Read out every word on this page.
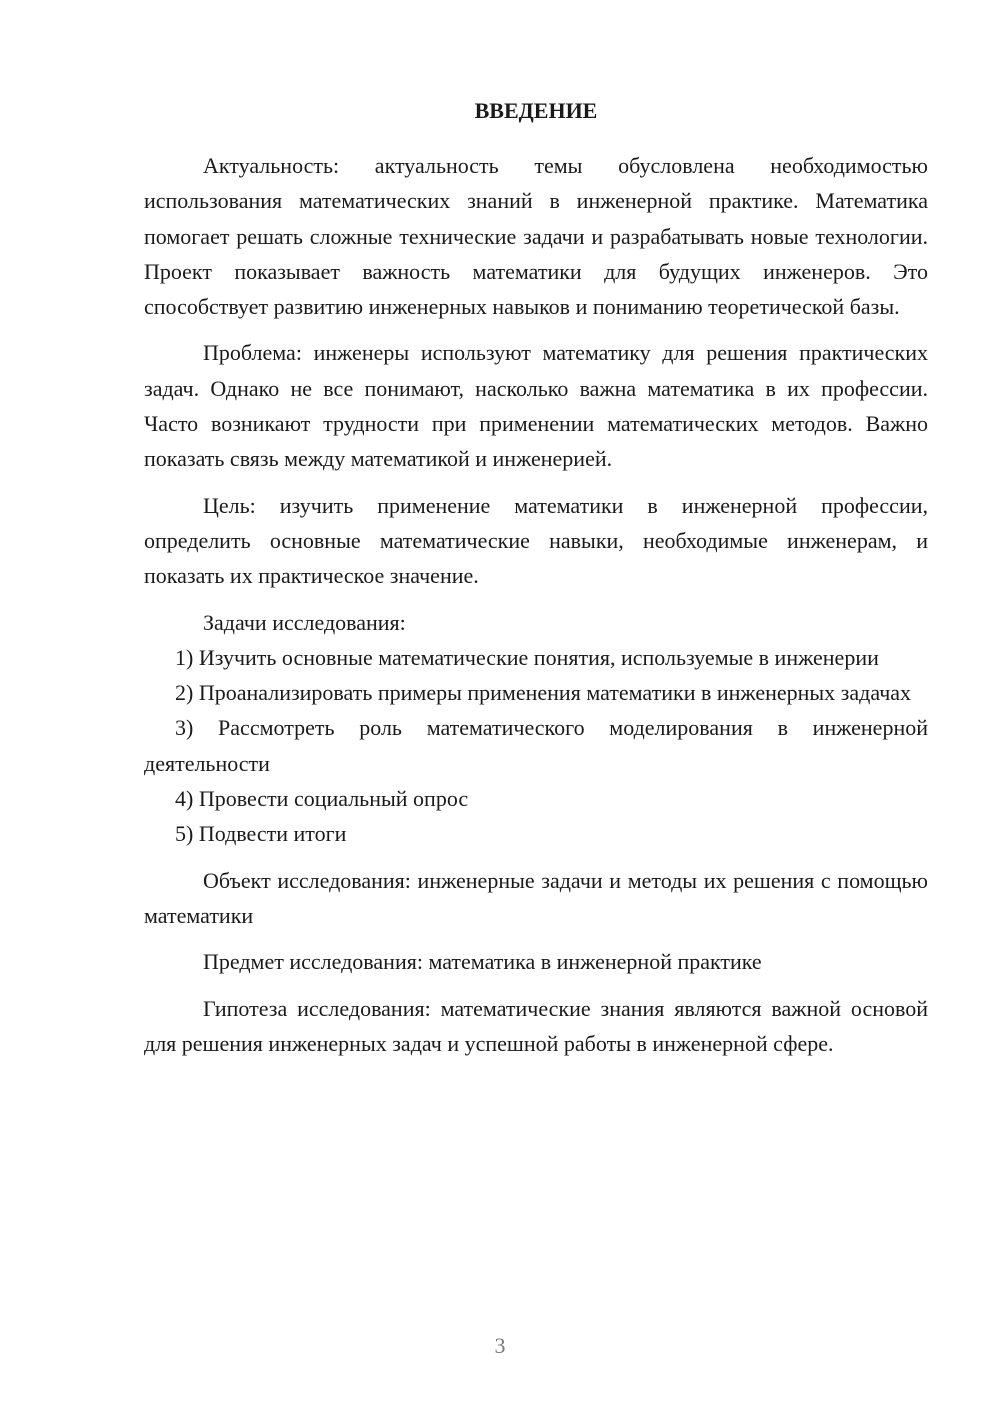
ВВЕДЕНИЕ

Актуальность: актуальность темы обусловлена необходимостью использования математических знаний в инженерной практике. Математика помогает решать сложные технические задачи и разрабатывать новые технологии. Проект показывает важность математики для будущих инженеров. Это способствует развитию инженерных навыков и пониманию теоретической базы.

Проблема: инженеры используют математику для решения практических задач. Однако не все понимают, насколько важна математика в их профессии. Часто возникают трудности при применении математических методов. Важно показать связь между математикой и инженерией.

Цель: изучить применение математики в инженерной профессии, определить основные математические навыки, необходимые инженерам, и показать их практическое значение.

Задачи исследования:

1) Изучить основные математические понятия, используемые в инженерии

2) Проанализировать примеры применения математики в инженерных задачах

3) Рассмотреть роль математического моделирования в инженерной деятельности

4) Провести социальный опрос

5) Подвести итоги

Объект исследования: инженерные задачи и методы их решения с помощью математики

Предмет исследования: математика в инженерной практике

Гипотеза исследования: математические знания являются важной основой для решения инженерных задач и успешной работы в инженерной сфере.

3
